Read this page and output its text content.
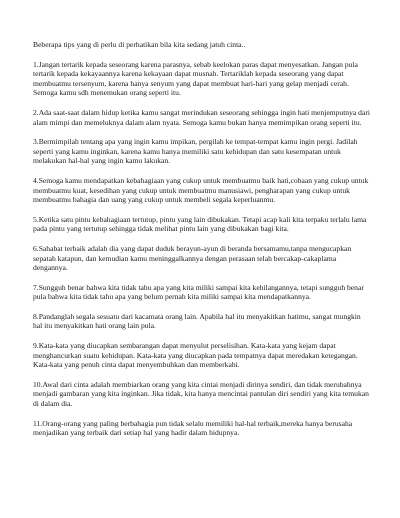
Beberapa tips yang di perlu di perhatikan bila kita sedang jatuh cinta..

1.Jangan tertarik kepada seseorang karena parasnya, sebab keelokan paras dapat menyesatkan. Jangan pula tertarik kepada kekayaannya karena kekayaan dapat musnah. Tertariklah kepada seseorang yang dapat membuatmu tersenyum, karena hanya senyum yang dapat membuat hari-hari yang gelap menjadi cerah. Semoga kamu sdh menemukan orang seperti itu.

2.Ada saat-saat dalam hidup ketika kamu sangat merindukan seseorang sehingga ingin hati menjemputnya dari alam mimpi dan memeluknya dalam alam nyata. Semoga kamu bukan hanya memimpikan orang seperti itu.

3.Bermimpilah tentang apa yang ingin kamu impikan, pergilah ke tempat-tempat kamu ingin pergi. Jadilah seperti yang kamu inginkan, karena kamu hanya memiliki satu kehidupan dan satu kesempatan untuk melakukan hal-hal yang ingin kamu lakukan.

4.Semoga kamu mendapatkan kebahagiaan yang cukup untuk membuatmu baik hati,cobaan yang cukup untuk membuatmu kuat, kesedihan yang cukup untuk membuatmu manusiawi, pengharapan yang cukup untuk membuatmu bahagia dan uang yang cukup untuk membeli segala keperluanmu.

5.Ketika satu pintu kebahagiaan tertutup, pintu yang lain dibukakan. Tetapi acap kali kita terpaku terlalu lama pada pintu yang tertutup sehingga tidak melihat pintu lain yang dibukakan bagi kita.

6.Sahabat terbaik adalah dia yang dapat duduk berayun-ayun di beranda bersamamu,tanpa mengucapkan sepatah katapun, dan kemudian kamu meninggalkannya dengan perasaan telah bercakap-cakaplama dengannya.

7.Sungguh benar bahwa kita tidak tahu apa yang kita miliki sampai kita kehilangannya, tetapi sungguh benar pula bahwa kita tidak tahu apa yang belum pernah kita miliki sampai kita mendapatkannya.

8.Pandanglah segala sesuatu dari kacamata orang lain. Apabila hal itu menyakitkan hatimu, sangat mungkin hal itu menyakitkan hati orang lain pula.

9.Kata-kata yang diucapkan sembarangan dapat menyulut perselisihan. Kata-kata yang kejam dapat menghancurkan suatu kehidupan. Kata-kata yang diucapkan pada tempatnya dapat meredakan ketegangan. Kata-kata yang penuh cinta dapat menyembuhkan dan memberkahi.

10.Awal dari cinta adalah membiarkan orang yang kita cintai menjadi dirinya sendiri, dan tidak merubahnya menjadi gambaran yang kita inginkan. Jika tidak, kita hanya mencintai pantulan diri sendiri yang kita temukan di dalam dia.

11.Orang-orang yang paling berbahagia pun tidak selalu memiliki hal-hal terbaik,mereka hanya berusaha menjadikan yang terbaik dari setiap hal yang hadir dalam hidupnya.
